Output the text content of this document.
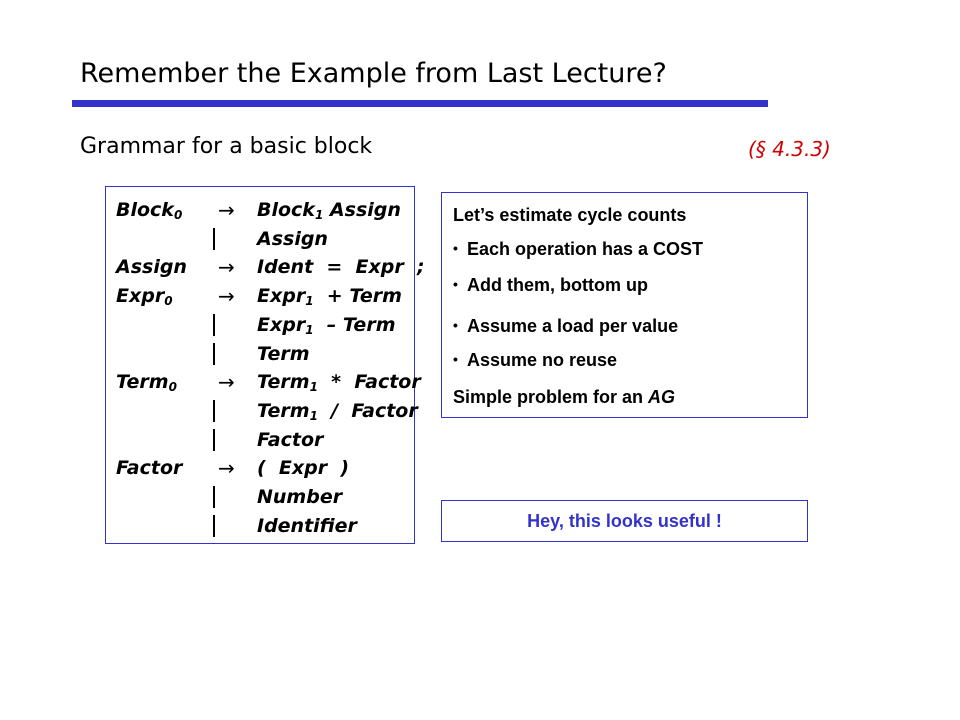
Remember the Example from Last Lecture?
Grammar for a basic block	(§ 4.3.3)
Block$_0$ → Block$_1$ Assign
Assign
Assign → Ident  =  Expr  ;
Expr$_0$ → Expr$_1$  + Term
Expr$_1$  – Term
Term
Term$_0$ → Term$_1$  *  Factor
Term$_1$  /  Factor
Factor
Factor → (  Expr  )
Number
Identifier
Let’s estimate cycle counts
• Each operation has a COST
• Add them, bottom up
• Assume a load per value
• Assume no reuse
Simple problem for an AG
Hey, this looks useful !
